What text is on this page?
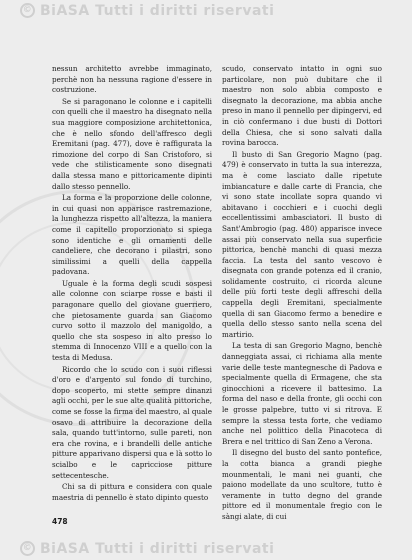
© BiASA Tutti i diritti riservati

nessun architetto avrebbe immaginato, perchè non ha nessuna ragione d'essere in costruzione.

Se si paragonano le colonne e i capitelli con quelli che il maestro ha disegnato nella sua maggiore composizione architettonica, che è nello sfondo dell'affresco degli Eremitani (pag. 477), dove è raffigurata la rimozione del corpo di San Cristoforo, si vede che stilisticamente sono disegnati dalla stessa mano e pittoricamente dipinti dallo stesso pennello.

La forma e la proporzione delle colonne, in cui quasi non apparisce rastremazione, la lunghezza rispetto all'altezza, la maniera come il capitello proporzionato si spiega sono identiche e gli ornamenti delle candeliere, che decorano i pilastri, sono similissimi a quelli della cappella padovana.

Uguale è la forma degli scudi sospesi alle colonne con sciarpe rosse e basti il paragonare quello del giovane guerriero, che pietosamente guarda san Giacomo curvo sotto il mazzolo del manigoldo, a quello che sta sospeso in alto presso lo stemma di Innocenzo VIII e a quello con la testa di Medusa.

Ricordo che lo scudo con i suoi riflessi d'oro e d'argento sul fondo di turchino, dopo scoperto, mi stette sempre dinanzi agli occhi, per le sue alte qualità pittoriche, come se fosse la firma del maestro, al quale osavo di attribuire la decorazione della sala, quando tutt'intorno, sulle pareti, non era che rovina, e i brandelli delle antiche pitture apparivano dispersi qua e là sotto lo scialbo e le capricciose pitture settecentesche.

Chi sa di pittura e considera con quale maestria di pennello è stato dipinto questo

scudo, conservato intatto in ogni suo particolare, non può dubitare che il maestro non solo abbia composto e disegnato la decorazione, ma abbia anche preso in mano il pennello per dipingervi, ed in ciò confermano i due busti di Dottori della Chiesa, che si sono salvati dalla rovina barocca.

Il busto di San Gregorio Magno (pag. 479) è conservato in tutta la sua interezza, ma è come lasciato dalle ripetute imbiancature e dalle carte di Francia, che vi sono state incollate sopra quando vi abitavano i cocchieri e i cuochi degli eccellentissimi ambasciatori. Il busto di Sant'Ambrogio (pag. 480) apparisce invece assai più conservato nella sua superficie pittorica, benchè manchi di quasi mezza faccia. La testa del santo vescovo è disegnata con grande potenza ed il cranio, solidamente costruito, ci ricorda alcune delle più forti teste degli affreschi della cappella degli Eremitani, specialmente quella di san Giacomo fermo a benedire e quella dello stesso santo nella scena del martirio.

La testa di san Gregorio Magno, benchè danneggiata assai, ci richiama alla mente varie delle teste mantegnesche di Padova e specialmente quella di Ermagene, che sta ginocchioni a ricevere il battesimo. La forma del naso e della fronte, gli occhi con le grosse palpebre, tutto vi si ritrova. E sempre la stessa testa forte, che vediamo anche nel polittico della Pinacoteca di Brera e nel trittico di San Zeno a Verona.

Il disegno del busto del santo pontefice, la cotta bianca a grandi pieghe mounmentali, le mani nei guanti, che paiono modellate da uno scultore, tutto è veramente in tutto degno del grande pittore ed il monumentale fregio con le sàngi alate, di cui

478
© BiASA Tutti i diritti riservati
